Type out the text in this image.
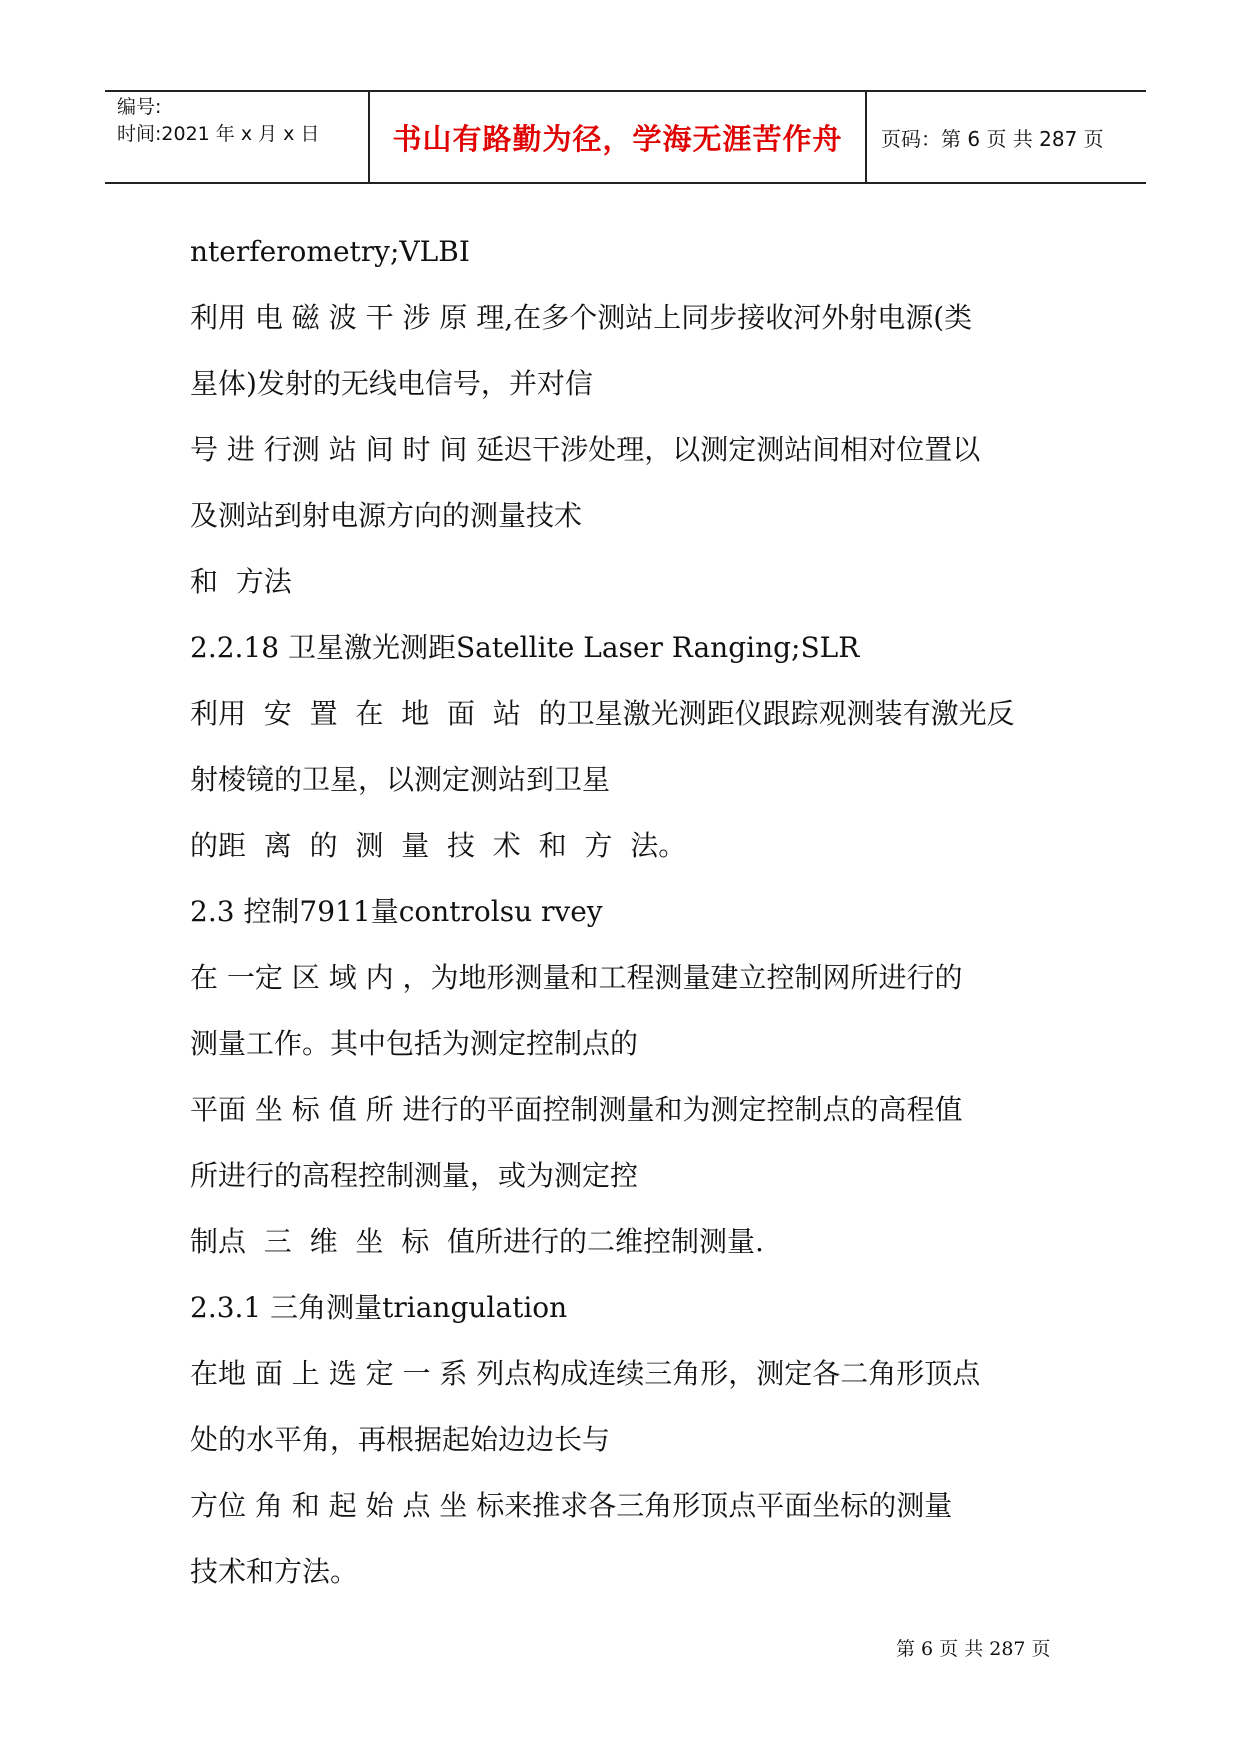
编号:
时间:2021 年 x 月 x 日	书山有路勤为径，学海无涯苦作舟 页码：第 6 页 共 287 页
nterferometry;VLBI
利用 电 磁 波 干 涉 原 理,在多个测站上同步接收河外射电源(类
星体)发射的无线电信号，并对信
号 进 行测 站 间 时 间 延迟干涉处理，以测定测站间相对位置以
及测站到射电源方向的测量技术
和  方法
2.2.18 卫星激光测距Satellite Laser Ranging;SLR
利用  安  置  在  地  面  站  的卫星激光测距仪跟踪观测装有激光反
射棱镜的卫星，以测定测站到卫星
的距  离  的  测  量  技  术  和  方  法。
2.3 控制7911量controlsu rvey
在 一定 区 域 内 ，为地形测量和工程测量建立控制网所进行的
测量工作。其中包括为测定控制点的
平面 坐 标 值 所 进行的平面控制测量和为测定控制点的高程值
所进行的高程控制测量，或为测定控
制点  三  维  坐  标  值所进行的二维控制测量.
2.3.1 三角测量triangulation
在地 面 上 选 定 一 系 列点构成连续三角形，测定各二角形顶点
处的水平角，再根据起始边边长与
方位 角 和 起 始 点 坐 标来推求各三角形顶点平面坐标的测量
技术和方法。
第 6 页 共 287 页
